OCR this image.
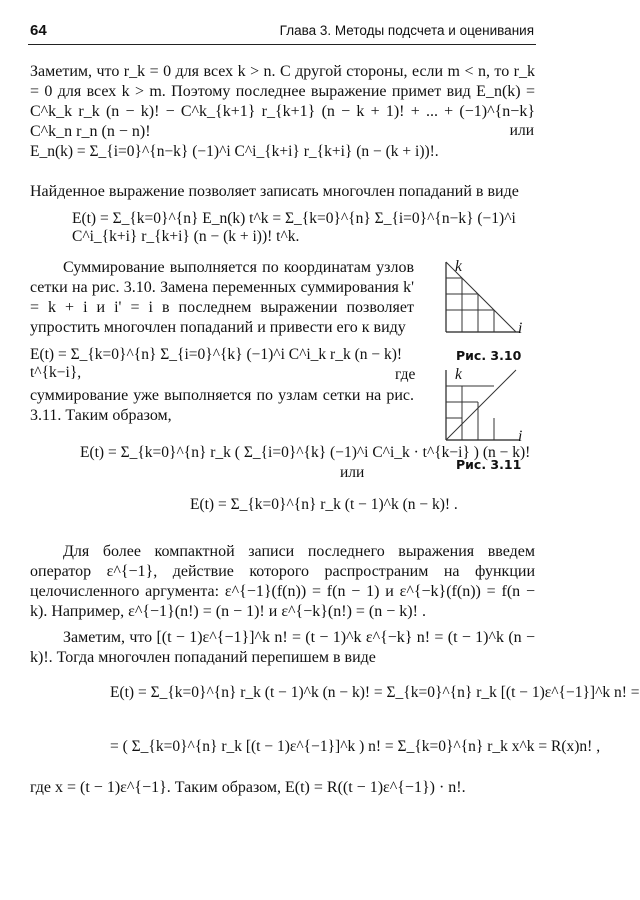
64	Глава 3. Методы подсчета и оценивания
Заметим, что r_k = 0 для всех k > n. С другой стороны, если m < n, то r_k = 0 для всех k > m. Поэтому последнее выражение примет вид E_n(k) = C^k_k r_k (n − k)! − C^k_{k+1} r_{k+1} (n − k + 1)! + ... + (−1)^{n−k} C^k_n r_n (n − n)!	или
E_n(k) = Σ_{i=0}^{n−k} (−1)^i C^i_{k+i} r_{k+i} (n − (k + i))!.
Найденное выражение позволяет записать многочлен попаданий в виде
E(t) = Σ_{k=0}^{n} E_n(k) t^k = Σ_{k=0}^{n} Σ_{i=0}^{n−k} (−1)^i C^i_{k+i} r_{k+i} (n − (k + i))! t^k.
Суммирование выполняется по координатам узлов сетки на рис. 3.10. Замена переменных суммирования k' = k + i и i' = i в последнем выражении позволяет упростить многочлен попаданий и привести его к виду
E(t) = Σ_{k=0}^{n} Σ_{i=0}^{k} (−1)^i C^i_k r_k (n − k)! t^{k−i},	где
суммирование уже выполняется по узлам сетки на рис. 3.11. Таким образом,
k
i
Рис. 3.10
k
i
Рис. 3.11
E(t) = Σ_{k=0}^{n} r_k ( Σ_{i=0}^{k} (−1)^i C^i_k · t^{k−i} ) (n − k)!
или
E(t) = Σ_{k=0}^{n} r_k (t − 1)^k (n − k)! .
Для более компактной записи последнего выражения введем оператор ε^{−1}, действие которого распространим на функции целочисленного аргумента: ε^{−1}(f(n)) = f(n − 1) и ε^{−k}(f(n)) = f(n − k). Например, ε^{−1}(n!) = (n − 1)! и ε^{−k}(n!) = (n − k)! .
Заметим, что [(t − 1)ε^{−1}]^k n! = (t − 1)^k ε^{−k} n! = (t − 1)^k (n − k)!. Тогда многочлен попаданий перепишем в виде
E(t) = Σ_{k=0}^{n} r_k (t − 1)^k (n − k)! = Σ_{k=0}^{n} r_k [(t − 1)ε^{−1}]^k n! =
= ( Σ_{k=0}^{n} r_k [(t − 1)ε^{−1}]^k ) n! = Σ_{k=0}^{n} r_k x^k = R(x)n! ,
где x = (t − 1)ε^{−1}. Таким образом, E(t) = R((t − 1)ε^{−1}) · n!.
